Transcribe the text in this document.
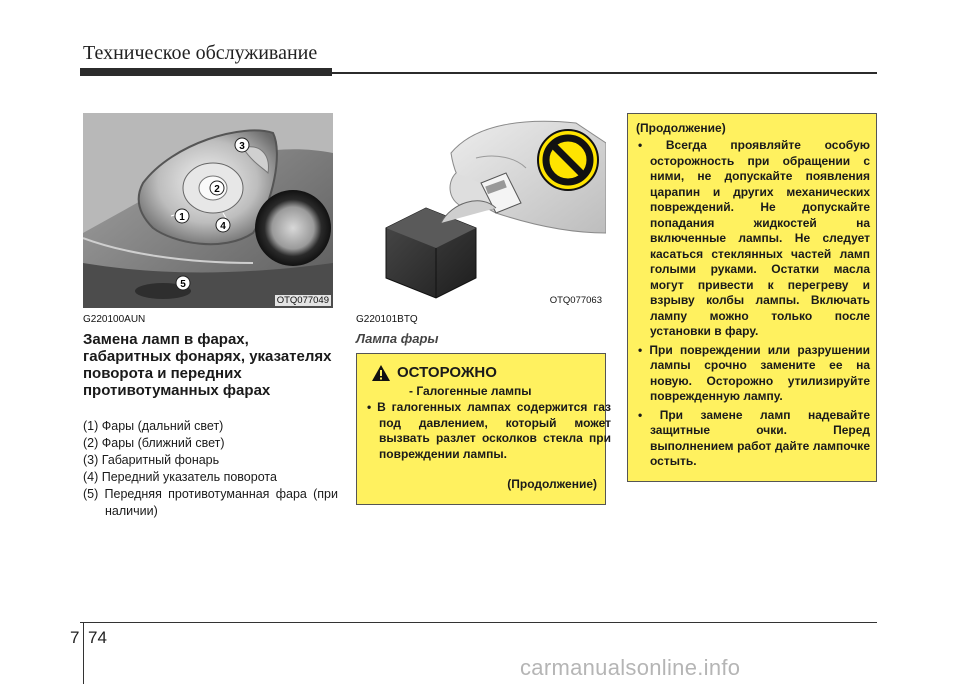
Техническое обслуживание
1
2
3
4
5
OTQ077049
G220100AUN
Замена ламп в фарах, габаритных фонарях, указателях поворота и передних противотуманных фарах
(1) Фары (дальний свет)
(2) Фары (ближний свет)
(3) Габаритный фонарь
(4) Передний указатель поворота
(5) Передняя противотуманная фара (при наличии)
OTQ077063
G220101BTQ
Лампа фары
ОСТОРОЖНО
- Галогенные лампы
• В галогенных лампах содержится газ под давлением, который может вызвать разлет осколков стекла при повреждении лампы.
(Продолжение)
(Продолжение)

• Всегда проявляйте особую осторожность при обращении с ними, не допускайте появления царапин и других механических повреждений. Не допускайте попадания жидкостей на включенные лампы. Не следует касаться стеклянных частей ламп голыми руками. Остатки масла могут привести к перегреву и взрыву колбы лампы. Включать лампу можно только после установки в фару.

• При повреждении или разрушении лампы срочно замените ее на новую. Осторожно утилизируйте поврежденную лампу.

• При замене ламп надевайте защитные очки. Перед выполнением работ дайте лампочке остыть.

7 74
carmanualsonline.info
